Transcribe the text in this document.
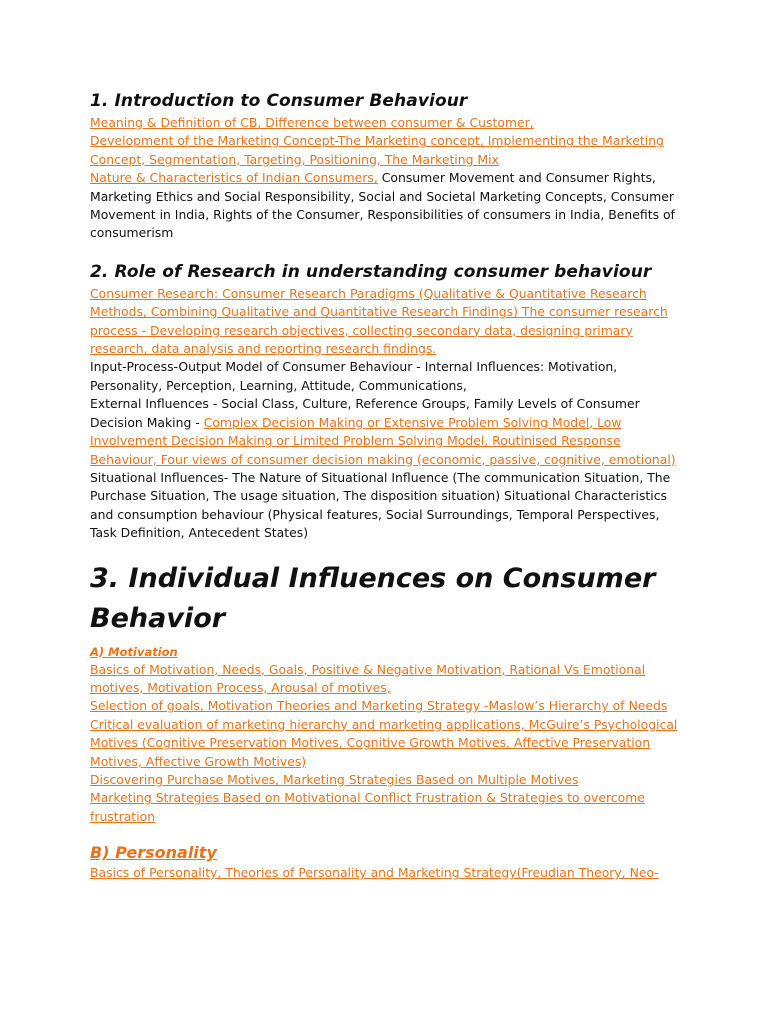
1. Introduction to Consumer Behaviour

Meaning & Definition of CB, Difference between consumer & Customer,
Development of the Marketing Concept-The Marketing concept, Implementing the Marketing Concept, Segmentation, Targeting, Positioning, The Marketing Mix
Nature & Characteristics of Indian Consumers, Consumer Movement and Consumer Rights, Marketing Ethics and Social Responsibility, Social and Societal Marketing Concepts, Consumer Movement in India, Rights of the Consumer, Responsibilities of consumers in India, Benefits of consumerism

2. Role of Research in understanding consumer behaviour

Consumer Research: Consumer Research Paradigms (Qualitative & Quantitative Research Methods, Combining Qualitative and Quantitative Research Findings) The consumer research process - Developing research objectives, collecting secondary data, designing primary research, data analysis and reporting research findings.
Input-Process-Output Model of Consumer Behaviour - Internal Influences: Motivation, Personality, Perception, Learning, Attitude, Communications,
External Influences - Social Class, Culture, Reference Groups, Family Levels of Consumer Decision Making - Complex Decision Making or Extensive Problem Solving Model, Low Involvement Decision Making or Limited Problem Solving Model, Routinised Response Behaviour, Four views of consumer decision making (economic, passive, cognitive, emotional)
Situational Influences- The Nature of Situational Influence (The communication Situation, The Purchase Situation, The usage situation, The disposition situation) Situational Characteristics and consumption behaviour (Physical features, Social Surroundings, Temporal Perspectives, Task Definition, Antecedent States)

3. Individual Influences on Consumer Behavior
A) Motivation

Basics of Motivation, Needs, Goals, Positive & Negative Motivation, Rational Vs Emotional motives, Motivation Process, Arousal of motives,
Selection of goals, Motivation Theories and Marketing Strategy -Maslow’s Hierarchy of Needs
Critical evaluation of marketing hierarchy and marketing applications, McGuire’s Psychological Motives (Cognitive Preservation Motives, Cognitive Growth Motives, Affective Preservation Motives, Affective Growth Motives)
Discovering Purchase Motives, Marketing Strategies Based on Multiple Motives
Marketing Strategies Based on Motivational Conflict Frustration & Strategies to overcome frustration

B) Personality

Basics of Personality, Theories of Personality and Marketing Strategy(Freudian Theory, Neo-
